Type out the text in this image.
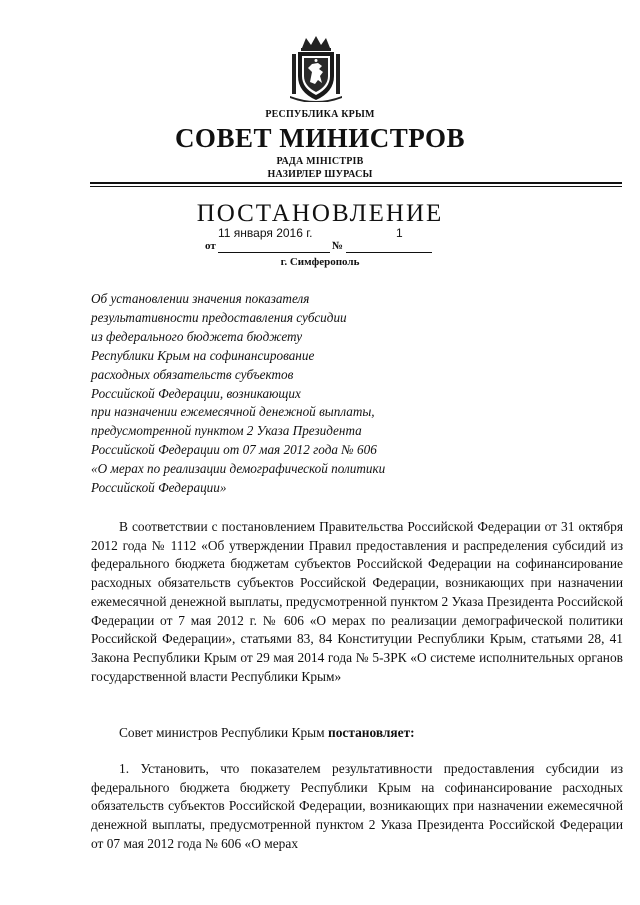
РЕСПУБЛИКА КРЫМ
СОВЕТ МИНИСТРОВ
РАДА МІНІСТРІВ
НАЗИРЛЕР ШУРАСЫ
ПОСТАНОВЛЕНИЕ
11 января 2016 г.	1
от	№
г. Симферополь
Об установлении значения показателя
результативности предоставления субсидии
из федерального бюджета бюджету
Республики Крым на софинансирование
расходных обязательств субъектов
Российской Федерации, возникающих
при назначении ежемесячной денежной выплаты,
предусмотренной пунктом 2 Указа Президента
Российской Федерации от 07 мая 2012 года № 606
«О мерах по реализации демографической политики
Российской Федерации»

В соответствии с постановлением Правительства Российской Федерации от 31 октября 2012 года № 1112 «Об утверждении Правил предоставления и распределения субсидий из федерального бюджета бюджетам субъектов Российской Федерации на софинансирование расходных обязательств субъектов Российской Федерации, возникающих при назначении ежемесячной денежной выплаты, предусмотренной пунктом 2 Указа Президента Российской Федерации от 7 мая 2012 г. № 606 «О мерах по реализации демографической политики Российской Федерации», статьями 83, 84 Конституции Республики Крым, статьями 28, 41 Закона Республики Крым от 29 мая 2014 года № 5-ЗРК «О системе исполнительных органов государственной власти Республики Крым»

Совет министров Республики Крым постановляет:

1. Установить, что показателем результативности предоставления субсидии из федерального бюджета бюджету Республики Крым на софинансирование расходных обязательств субъектов Российской Федерации, возникающих при назначении ежемесячной денежной выплаты, предусмотренной пунктом 2 Указа Президента Российской Федерации от 07 мая 2012 года № 606 «О мерах
